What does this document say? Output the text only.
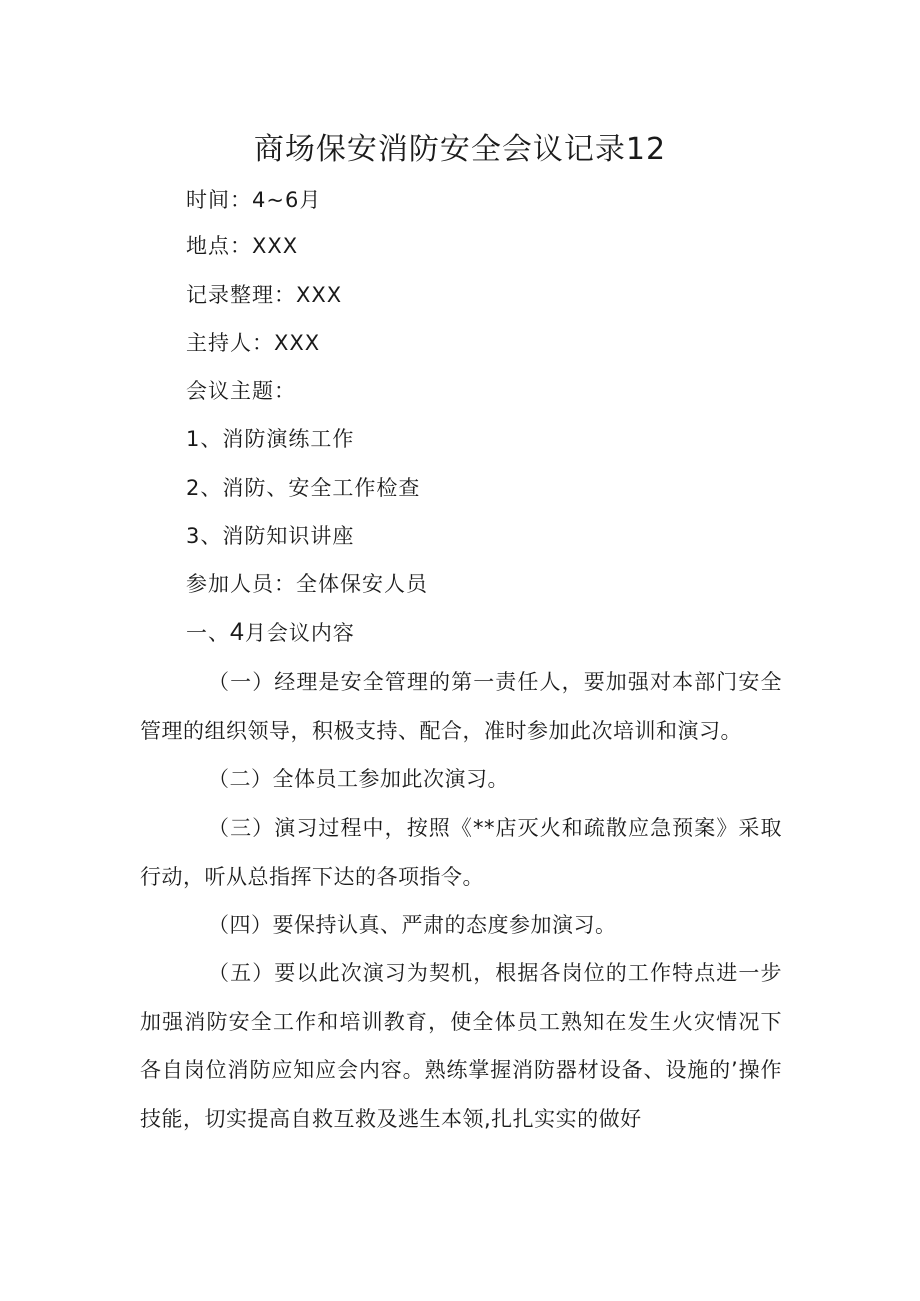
商场保安消防安全会议记录12
时间：4~6月
地点：XXX
记录整理：XXX
主持人：XXX
会议主题：
1、消防演练工作
2、消防、安全工作检查
3、消防知识讲座
参加人员：全体保安人员
一、4月会议内容
（一）经理是安全管理的第一责任人，要加强对本部门安全管理的组织领导，积极支持、配合，准时参加此次培训和演习。
（二）全体员工参加此次演习。
（三）演习过程中，按照《**店灭火和疏散应急预案》采取行动，听从总指挥下达的各项指令。
（四）要保持认真、严肃的态度参加演习。
（五）要以此次演习为契机，根据各岗位的工作特点进一步加强消防安全工作和培训教育，使全体员工熟知在发生火灾情况下各自岗位消防应知应会内容。熟练掌握消防器材设备、设施的’操作技能，切实提高自救互救及逃生本领,扎扎实实的做好
